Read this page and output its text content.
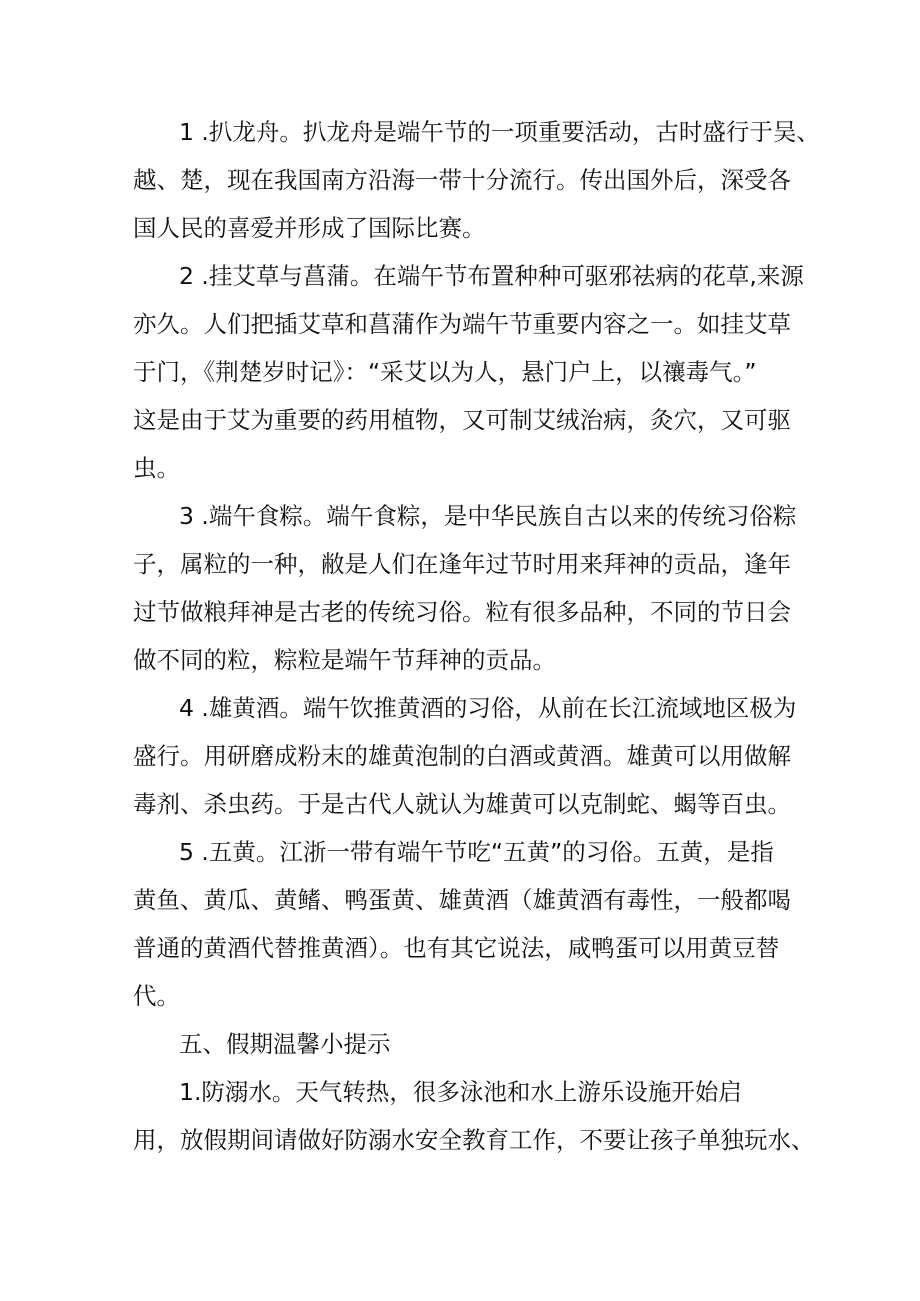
1 .扒龙舟。扒龙舟是端午节的一项重要活动，古时盛行于吴、
越、楚，现在我国南方沿海一带十分流行。传出国外后，深受各
国人民的喜爱并形成了国际比赛。
2 .挂艾草与菖蒲。在端午节布置种种可驱邪祛病的花草,来源
亦久。人们把插艾草和菖蒲作为端午节重要内容之一。如挂艾草
于门，《荆楚岁时记》：“采艾以为人，悬门户上，以禳毒气。”
这是由于艾为重要的药用植物，又可制艾绒治病，灸穴，又可驱
虫。
3 .端午食粽。端午食粽，是中华民族自古以来的传统习俗粽
子，属粒的一种，敝是人们在逢年过节时用来拜神的贡品，逢年
过节做粮拜神是古老的传统习俗。粒有很多品种，不同的节日会
做不同的粒，粽粒是端午节拜神的贡品。
4 .雄黄酒。端午饮推黄酒的习俗，从前在长江流域地区极为
盛行。用研磨成粉末的雄黄泡制的白酒或黄酒。雄黄可以用做解
毒剂、杀虫药。于是古代人就认为雄黄可以克制蛇、蝎等百虫。
5 .五黄。江浙一带有端午节吃“五黄”的习俗。五黄，是指
黄鱼、黄瓜、黄鳍、鸭蛋黄、雄黄酒（雄黄酒有毒性，一般都喝
普通的黄酒代替推黄酒）。也有其它说法，咸鸭蛋可以用黄豆替
代。
五、假期温馨小提示
1.防溺水。天气转热，很多泳池和水上游乐设施开始启
用，放假期间请做好防溺水安全教育工作，不要让孩子单独玩水、
